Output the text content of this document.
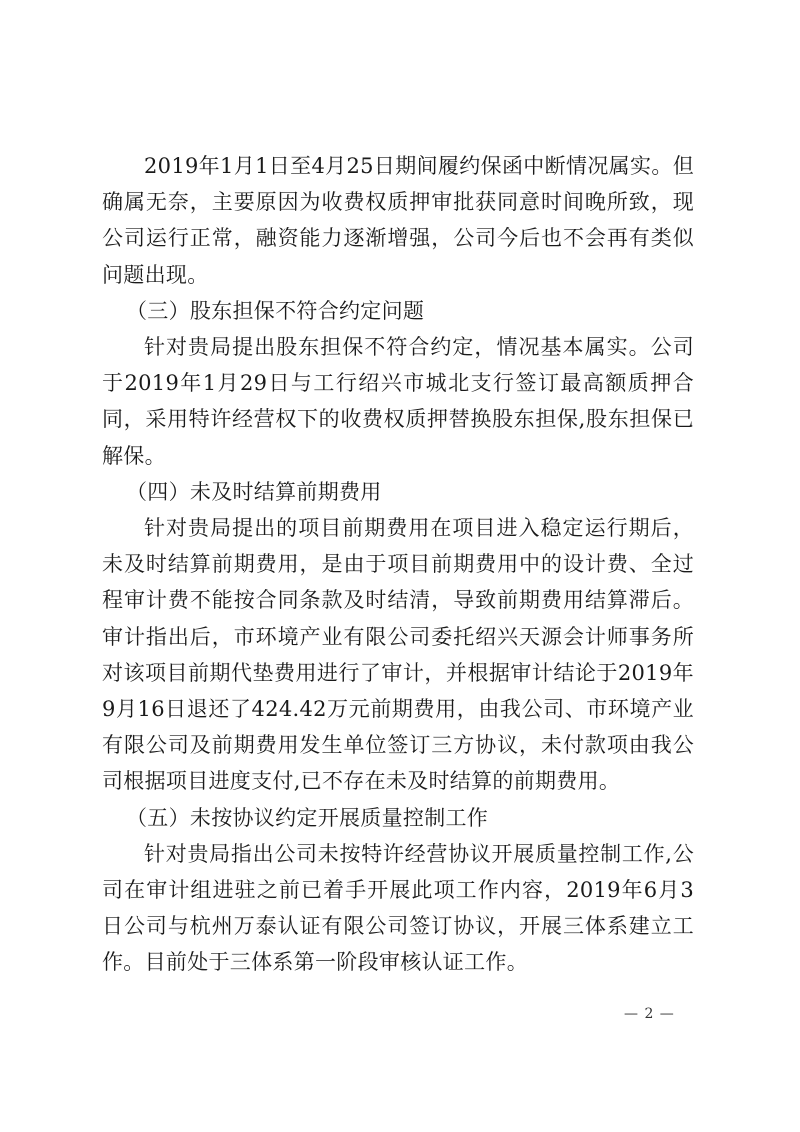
2019年1月1日至4月25日期间履约保函中断情况属实。但确属无奈，主要原因为收费权质押审批获同意时间晚所致，现公司运行正常，融资能力逐渐增强，公司今后也不会再有类似问题出现。

（三）股东担保不符合约定问题

针对贵局提出股东担保不符合约定，情况基本属实。公司于2019年1月29日与工行绍兴市城北支行签订最高额质押合同，采用特许经营权下的收费权质押替换股东担保,股东担保已解保。

（四）未及时结算前期费用

针对贵局提出的项目前期费用在项目进入稳定运行期后，未及时结算前期费用，是由于项目前期费用中的设计费、全过程审计费不能按合同条款及时结清，导致前期费用结算滞后。审计指出后，市环境产业有限公司委托绍兴天源会计师事务所对该项目前期代垫费用进行了审计，并根据审计结论于2019年9月16日退还了424.42万元前期费用，由我公司、市环境产业有限公司及前期费用发生单位签订三方协议，未付款项由我公司根据项目进度支付,已不存在未及时结算的前期费用。

（五）未按协议约定开展质量控制工作

针对贵局指出公司未按特许经营协议开展质量控制工作,公司在审计组进驻之前已着手开展此项工作内容，2019年6月3日公司与杭州万泰认证有限公司签订协议，开展三体系建立工作。目前处于三体系第一阶段审核认证工作。

— 2 —
